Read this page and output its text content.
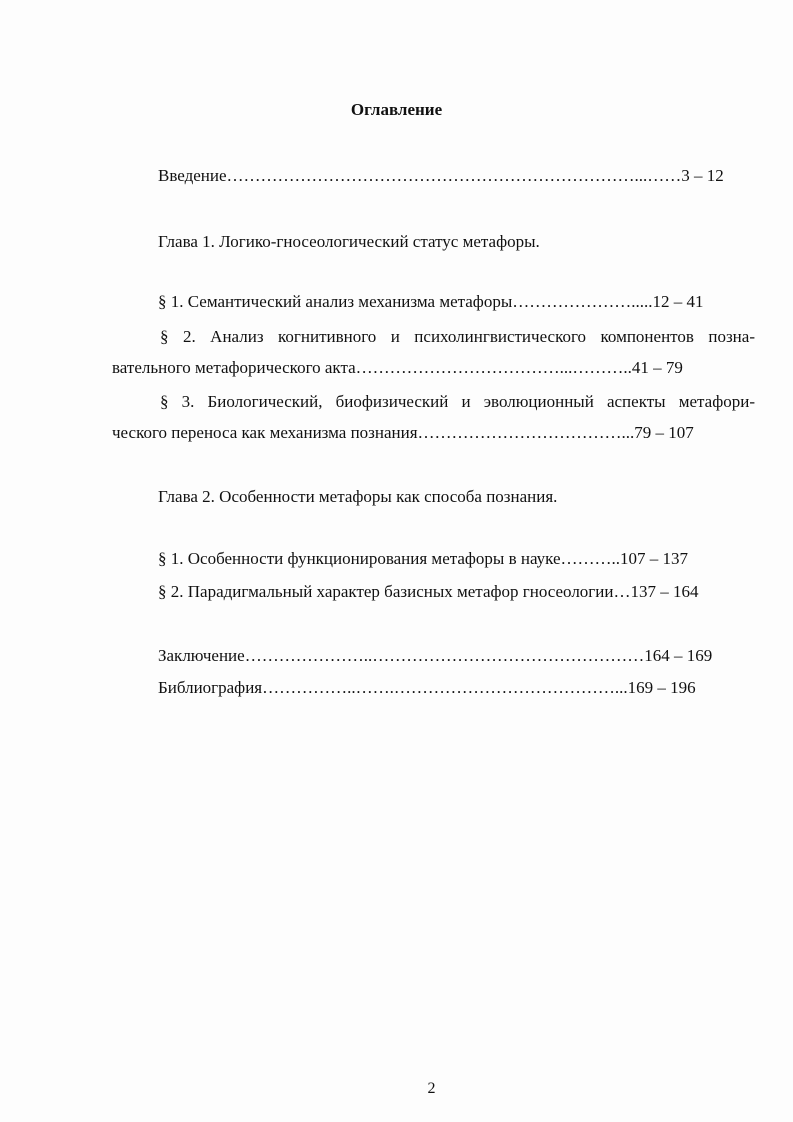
Оглавление
Введение………………………………………………………………...……3 – 12
Глава 1. Логико-гносеологический статус метафоры.
§ 1. Семантический анализ механизма метафоры………………….....12 – 41
§ 2. Анализ когнитивного и психолингвистического компонентов позна-
вательного метафорического акта………………………………...………..41 – 79
§ 3. Биологический, биофизический и эволюционный аспекты метафори-
ческого переноса как механизма познания………………………………...79 – 107
Глава 2. Особенности метафоры как способа познания.
§ 1. Особенности функционирования метафоры в науке………..107 – 137
§ 2. Парадигмальный характер базисных метафор гносеологии…137 – 164
Заключение…………………..…………………………………………164 – 169
Библиография……………..…….…………………………………...169 – 196
2
